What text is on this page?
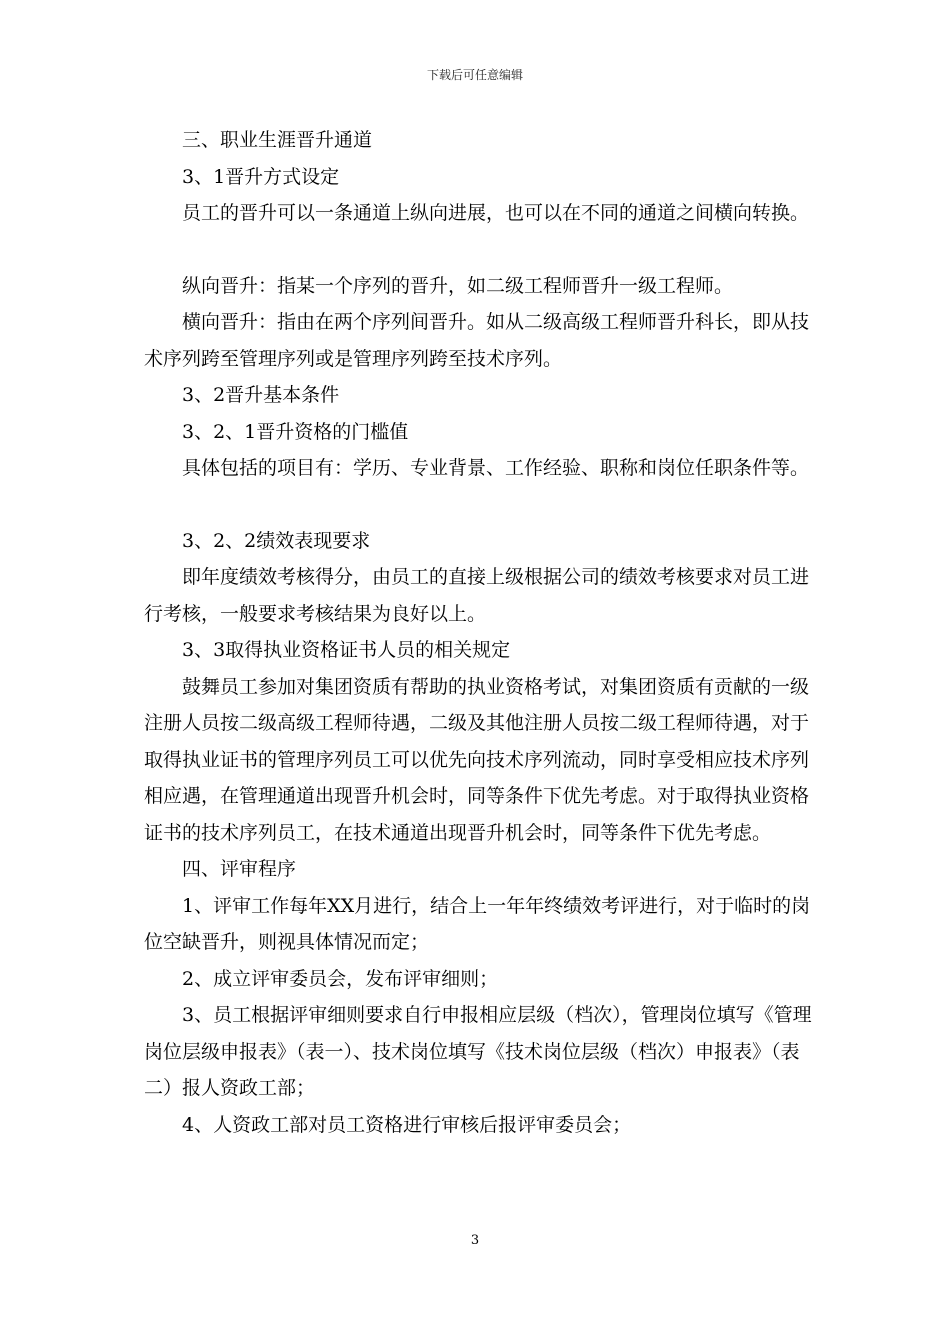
下载后可任意编辑

三、职业生涯晋升通道

3、1晋升方式设定

员工的晋升可以一条通道上纵向进展，也可以在不同的通道之间横向转换。

纵向晋升：指某一个序列的晋升，如二级工程师晋升一级工程师。

横向晋升：指由在两个序列间晋升。如从二级高级工程师晋升科长，即从技术序列跨至管理序列或是管理序列跨至技术序列。

3、2晋升基本条件

3、2、1晋升资格的门槛值

具体包括的项目有：学历、专业背景、工作经验、职称和岗位任职条件等。

3、2、2绩效表现要求

即年度绩效考核得分，由员工的直接上级根据公司的绩效考核要求对员工进行考核，一般要求考核结果为良好以上。

3、3取得执业资格证书人员的相关规定

鼓舞员工参加对集团资质有帮助的执业资格考试，对集团资质有贡献的一级注册人员按二级高级工程师待遇，二级及其他注册人员按二级工程师待遇，对于取得执业证书的管理序列员工可以优先向技术序列流动，同时享受相应技术序列相应遇，在管理通道出现晋升机会时，同等条件下优先考虑。对于取得执业资格证书的技术序列员工，在技术通道出现晋升机会时，同等条件下优先考虑。

四、评审程序

1、评审工作每年XX月进行，结合上一年年终绩效考评进行，对于临时的岗位空缺晋升，则视具体情况而定；

2、成立评审委员会，发布评审细则；

3、员工根据评审细则要求自行申报相应层级（档次），管理岗位填写《管理岗位层级申报表》（表一）、技术岗位填写《技术岗位层级（档次）申报表》（表二）报人资政工部；

4、人资政工部对员工资格进行审核后报评审委员会；

3
